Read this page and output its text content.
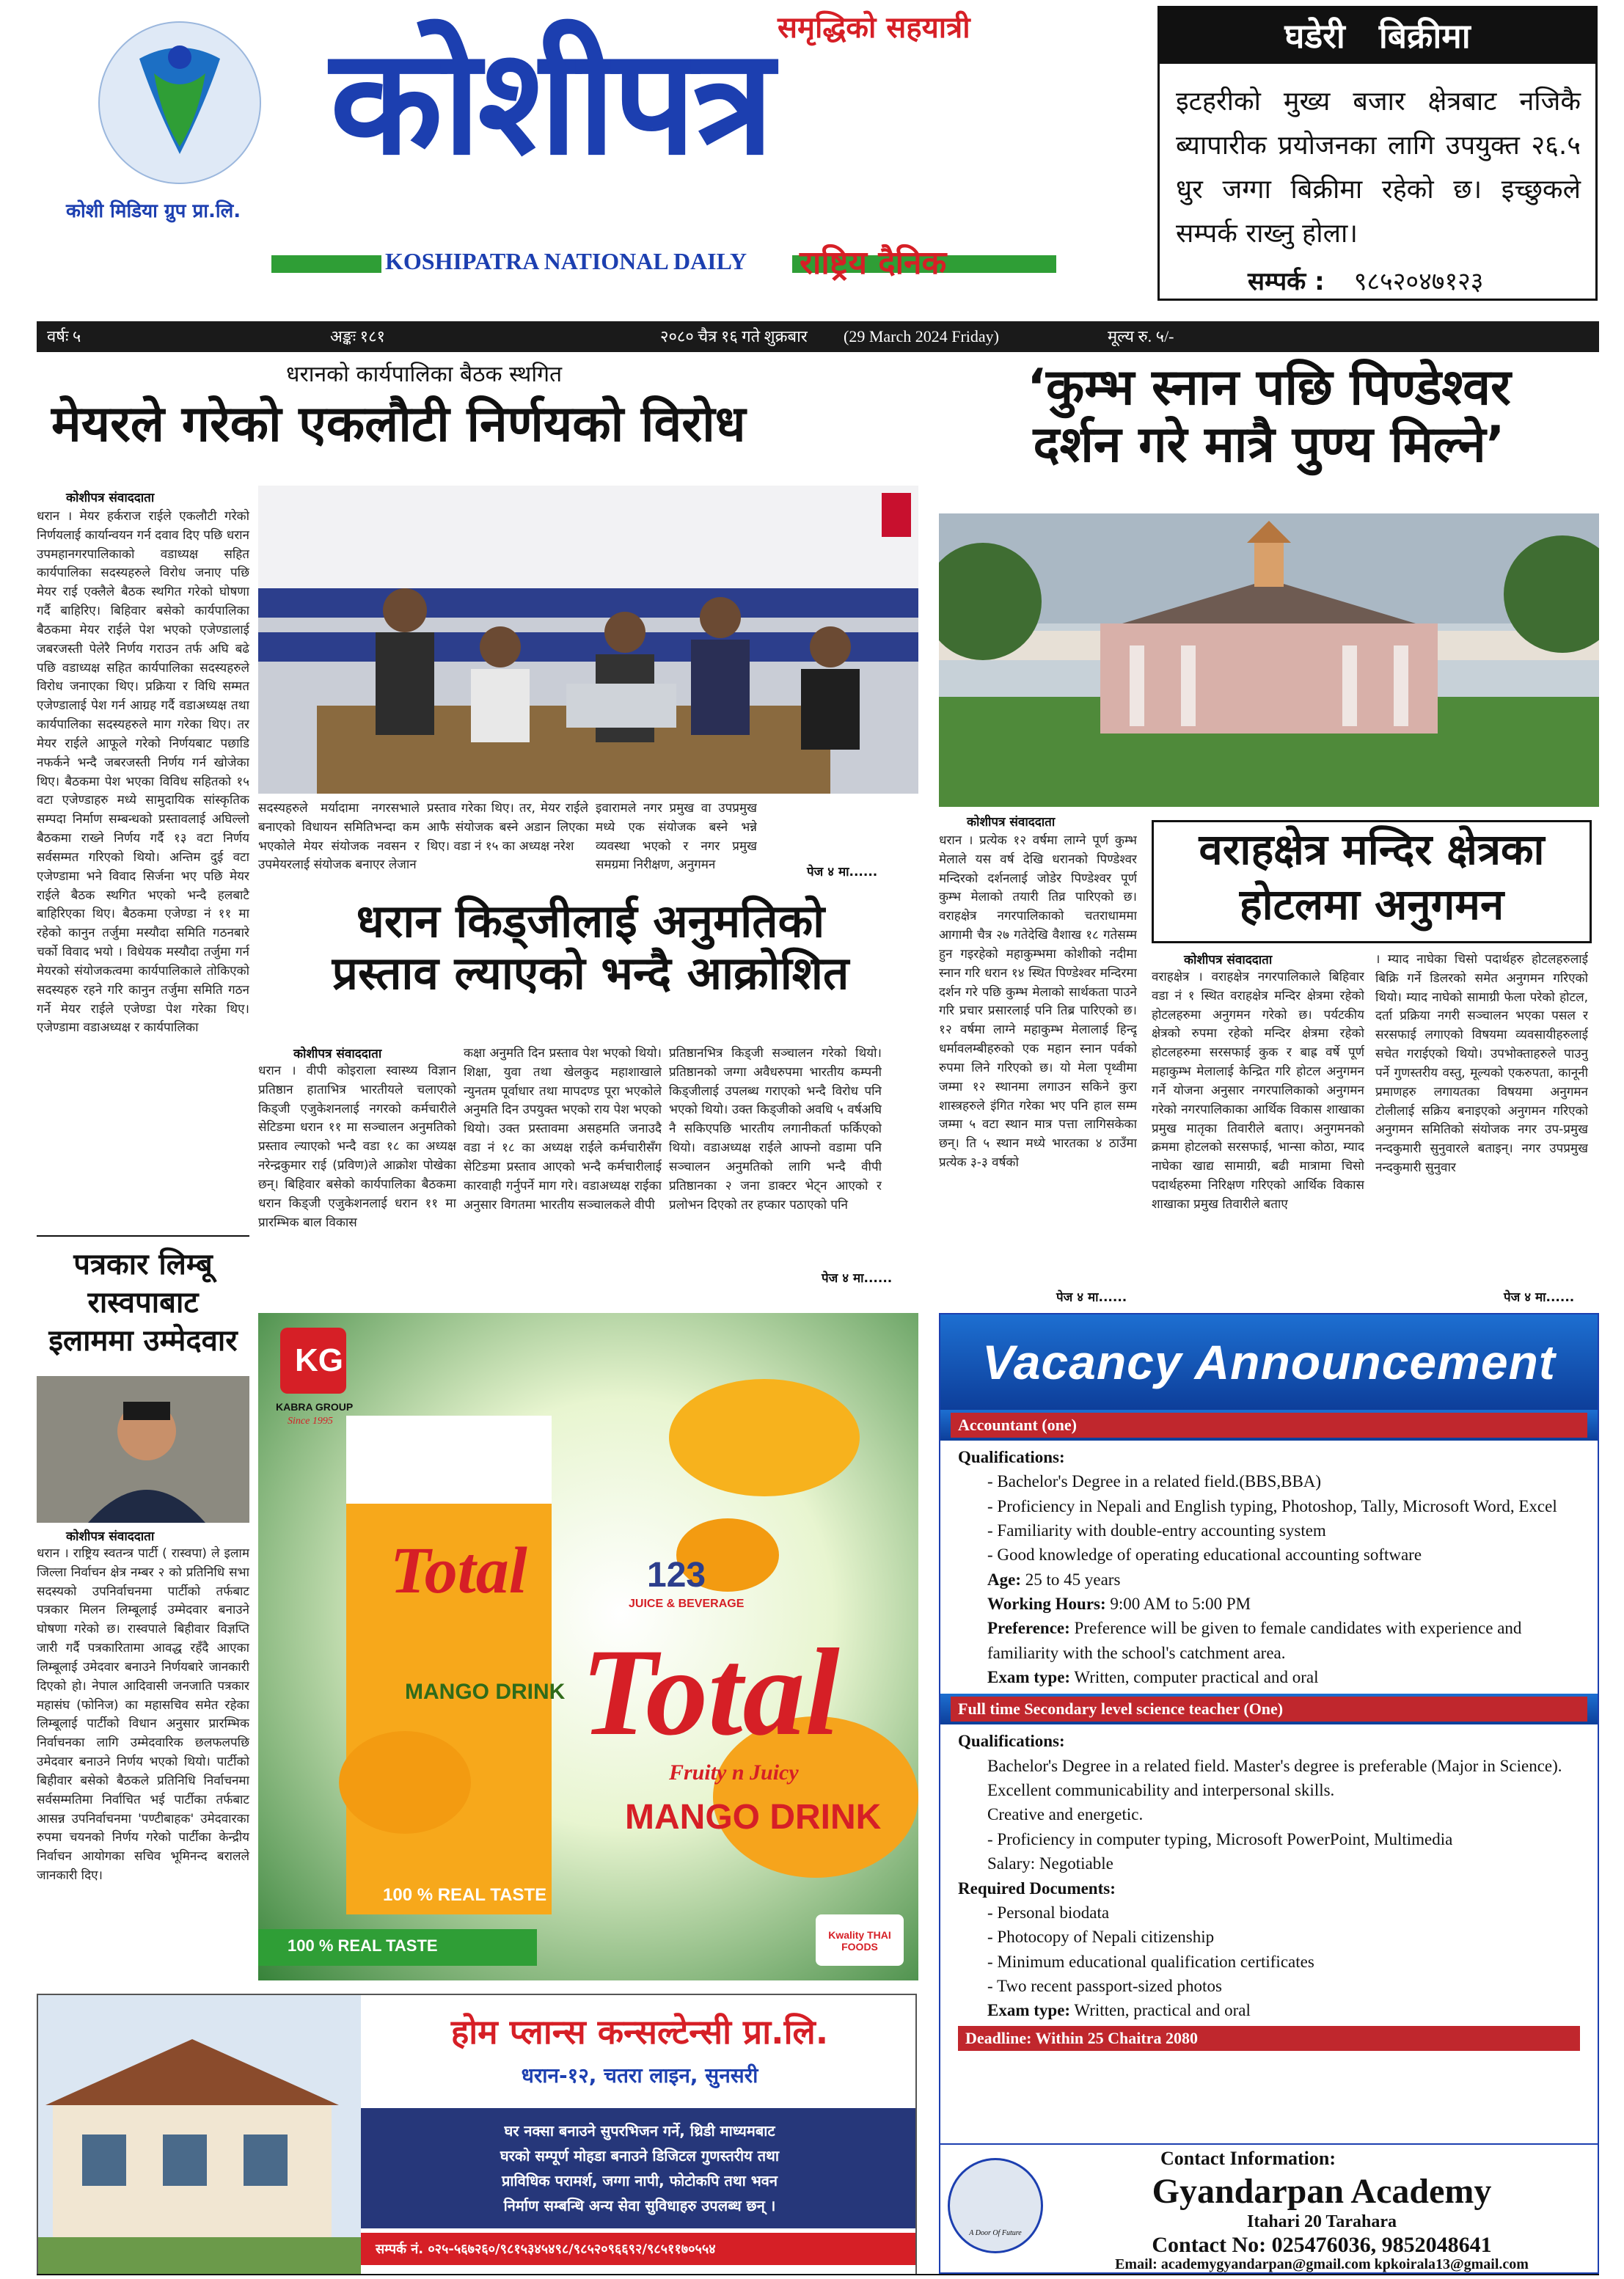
कोशी मिडिया ग्रुप प्रा.लि.
समृद्धिको सहयात्री
कोशीपत्र
KOSHIPATRA NATIONAL DAILY राष्ट्रिय दैनिक
घडेरी बिक्रीमा
इटहरीको मुख्य बजार क्षेत्रबाट नजिकै ब्यापारीक प्रयोजनका लागि उपयुक्त २६.५ धुर जग्गा बिक्रीमा रहेको छ। इच्छुकले सम्पर्क राख्नु होला।
सम्पर्क : ९८५२०४७१२३
वर्षः ५	अङ्कः १८१	२०८० चैत्र १६ गते शुक्रबार (29 March 2024 Friday)	मूल्य रु. ५/-
धरानको कार्यपालिका बैठक स्थगित
मेयरले गरेको एकलौटी निर्णयको विरोध
कोशीपत्र संवाददाता
धरान । मेयर हर्कराज राईले एकलौटी गरेको निर्णयलाई कार्यान्वयन गर्न दवाव दिए पछि धरान उपमहानगरपालिकाको वडाध्यक्ष सहित कार्यपालिका सदस्यहरुले विरोध जनाए पछि मेयर राई एक्लैले बैठक स्थगित गरेको घोषणा गर्दै बाहिरिए। बिहिवार बसेको कार्यपालिका बैठकमा मेयर राईले पेश भएको एजेण्डालाई जबरजस्ती पेलेरै निर्णय गराउन तर्फ अघि बढे पछि वडाध्यक्ष सहित कार्यपालिका सदस्यहरुले विरोध जनाएका थिए। प्रक्रिया र विधि सम्मत एजेण्डालाई पेश गर्न आग्रह गर्दै वडाअध्यक्ष तथा कार्यपालिका सदस्यहरुले माग गरेका थिए। तर मेयर राईले आफूले गरेको निर्णयबाट पछाडि नफर्कने भन्दै जबरजस्ती निर्णय गर्न खोजेका थिए। बैठकमा पेश भएका विविध सहितको १५ वटा एजेण्डाहरु मध्ये सामुदायिक सांस्कृतिक सम्पदा निर्माण सम्बन्धको प्रस्तावलाई अघिल्लो बैठकमा राख्ने निर्णय गर्दै १३ वटा निर्णय सर्वसम्मत गरिएको थियो। अन्तिम दुई वटा एजेण्डामा भने विवाद सिर्जना भए पछि मेयर राईले बैठक स्थगित भएको भन्दै हलबाटै बाहिरिएका थिए। बैठकमा एजेण्डा नं ११ मा रहेको कानुन तर्जुमा मस्यौदा समिति गठनबारे चर्को विवाद भयो । विधेयक मस्यौदा तर्जुमा गर्न मेयरको संयोजकत्वमा कार्यपालिकाले तोकिएको सदस्यहरु रहने गरि कानुन तर्जुमा समिति गठन गर्ने मेयर राईले एजेण्डा पेश गरेका थिए। एजेण्डामा वडाअध्यक्ष र कार्यपालिका
सदस्यहरुले मर्यादामा नगरसभाले बनाएको विधायन समितिभन्दा कम भएकोले मेयर संयोजक नवसन र उपमेयरलाई संयोजक बनाएर लेजान
प्रस्ताव गरेका थिए। तर, मेयर राईले आफै संयोजक बस्ने अडान लिएका थिए। वडा नं १५ का अध्यक्ष नरेश
इवारामले नगर प्रमुख वा उपप्रमुख मध्ये एक संयोजक बस्ने भन्ने व्यवस्था भएको र नगर प्रमुख समग्रमा निरीक्षण, अनुगमन	पेज ४ मा......
धरान किड्जीलाई अनुमतिको
प्रस्ताव ल्याएको भन्दै आक्रोशित
कोशीपत्र संवाददाता
धरान । वीपी कोइराला स्वास्थ्य विज्ञान प्रतिष्ठान हाताभित्र भारतीयले चलाएको किड्जी एजुकेशनलाई नगरको कर्मचारीले सेटिङमा धरान ११ मा सञ्चालन अनुमतिको प्रस्ताव ल्याएको भन्दै वडा १८ का अध्यक्ष नरेन्द्रकुमार राई (प्रविण)ले आक्रोश पोखेका छन्। बिहिवार बसेको कार्यपालिका बैठकमा धरान किड्जी एजुकेशनलाई धरान ११ मा प्रारम्भिक बाल विकास
कक्षा अनुमति दिन प्रस्ताव पेश भएको थियो। शिक्षा, युवा तथा खेलकुद महाशाखाले न्युनतम पूर्वाधार तथा मापदण्ड पूरा भएकोले अनुमति दिन उपयुक्त भएको राय पेश भएको थियो। उक्त प्रस्तावमा असहमति जनाउदै वडा नं १८ का अध्यक्ष राईले कर्मचारीसँग सेटिङमा प्रस्ताव आएको भन्दै कर्मचारीलाई कारवाही गर्नुपर्ने माग गरे। वडाअध्यक्ष राईका अनुसार विगतमा भारतीय सञ्चालकले वीपी
प्रतिष्ठानभित्र किड्जी सञ्चालन गरेको थियो। प्रतिष्ठानको जग्गा अवैधरुपमा भारतीय कम्पनी किड्जीलाई उपलब्ध गराएको भन्दै विरोध पनि भएको थियो। उक्त किड्जीको अवधि ५ वर्षअघि नै सकिएपछि भारतीय लगानीकर्ता फर्किएको थियो। वडाअध्यक्ष राईले आफ्नो वडामा पनि सञ्चालन अनुमतिको लागि भन्दै वीपी प्रतिष्ठानका २ जना डाक्टर भेट्न आएको र प्रलोभन दिएको तर हप्कार पठाएको पनि
पेज ४ मा......
‘कुम्भ स्नान पछि पिण्डेश्वर
दर्शन गरे मात्रै पुण्य मिल्ने’
कोशीपत्र संवाददाता
धरान । प्रत्येक १२ वर्षमा लाग्ने पूर्ण कुम्भ मेलाले यस वर्ष देखि धरानको पिण्डेश्वर मन्दिरको दर्शनलाई जोडेर पिण्डेश्वर पूर्ण कुम्भ मेलाको तयारी तिव्र पारिएको छ। वराहक्षेत्र नगरपालिकाको चतराधाममा आगामी चैत्र २७ गतेदेखि वैशाख १८ गतेसम्म हुन गइरहेको महाकुम्भमा कोशीको नदीमा स्नान गरि धरान १४ स्थित पिण्डेश्वर मन्दिरमा दर्शन गरे पछि कुम्भ मेलाको सार्थकता पाउने गरि प्रचार प्रसारलाई पनि तिब्र पारिएको छ। १२ वर्षमा लाग्ने महाकुम्भ मेलालाई हिन्दू धर्मावलम्बीहरुको एक महान स्नान पर्वको रुपमा लिने गरिएको छ। यो मेला पृथ्वीमा जम्मा १२ स्थानमा लगाउन सकिने कुरा शास्त्रहरुले इंगित गरेका भए पनि हाल सम्म जम्मा ५ वटा स्थान मात्र पत्ता लागिसकेका छन्। ति ५ स्थान मध्ये भारतका ४ ठाउँमा प्रत्येक ३-३ वर्षको
पेज ४ मा......
वराहक्षेत्र मन्दिर क्षेत्रका
होटलमा अनुगमन
कोशीपत्र संवाददाता
वराहक्षेत्र । वराहक्षेत्र नगरपालिकाले बिहिवार वडा नं १ स्थित वराहक्षेत्र मन्दिर क्षेत्रमा रहेको होटलहरुमा अनुगमन गरेको छ। पर्यटकीय क्षेत्रको रुपमा रहेको मन्दिर क्षेत्रमा रहेको होटलहरुमा सरसफाई कुक र बाह्र वर्षे पूर्ण महाकुम्भ मेलालाई केन्द्रित गरि होटल अनुगमन गर्ने योजना अनुसार नगरपालिकाको अनुगमन गरेको नगरपालिकाका आर्थिक विकास शाखाका प्रमुख मातृका तिवारीले बताए। अनुगमनको क्रममा होटलको सरसफाई, भान्सा कोठा, म्याद नाघेका खाद्य सामाग्री, बढी मात्रामा चिसो पदार्थहरुमा निरिक्षण गरिएको आर्थिक विकास शाखाका प्रमुख तिवारीले बताए
। म्याद नाघेका चिसो पदार्थहरु होटलहरुलाई बिक्रि गर्ने डिलरको समेत अनुगमन गरिएको थियो। म्याद नाघेको सामाग्री फेला परेको होटल, दर्ता प्रक्रिया नगरी सञ्चालन भएका पसल र सरसफाई लगाएको विषयमा व्यवसायीहरुलाई सचेत गराईएको थियो। उपभोक्ताहरुले पाउनु पर्ने गुणस्तरीय वस्तु, मूल्यको एकरुपता, कानूनी प्रमाणहरु लगायतका विषयमा अनुगमन टोलीलाई सक्रिय बनाइएको अनुगमन गरिएको अनुगमन समितिको संयोजक नगर उप-प्रमुख नन्दकुमारी सुनुवारले बताइन्। नगर उपप्रमुख नन्दकुमारी सुनुवार
पेज ४ मा......
पत्रकार लिम्बू
रास्वपाबाट
इलाममा उम्मेदवार
कोशीपत्र संवाददाता
धरान । राष्ट्रिय स्वतन्त्र पार्टी ( रास्वपा) ले इलाम जिल्ला निर्वाचन क्षेत्र नम्बर २ को प्रतिनिधि सभा सदस्यको उपनिर्वाचनमा पार्टीको तर्फबाट पत्रकार मिलन लिम्बूलाई उम्मेदवार बनाउने घोषणा गरेको छ। रास्वपाले बिहीवार विज्ञप्ति जारी गर्दै पत्रकारितामा आवद्ध रहँदै आएका लिम्बूलाई उमेदवार बनाउने निर्णयबारे जानकारी दिएको हो। नेपाल आदिवासी जनजाति पत्रकार महासंघ (फोनिज) का महासचिव समेत रहेका लिम्बूलाई पार्टीको विधान अनुसार प्रारम्भिक निर्वाचनका लागि उम्मेदवारिक छलफलपछि उमेदवार बनाउने निर्णय भएको थियो। पार्टीको बिहीवार बसेको बैठकले प्रतिनिधि निर्वाचनमा सर्वसम्मतिमा निर्वाचित भई पार्टीका तर्फबाट आसन्न उपनिर्वाचनमा 'पण्टीबाहक' उमेदवारका रुपमा चयनको निर्णय गरेको पार्टीका केन्द्रीय निर्वाचन आयोगका सचिव भूमिनन्द बरालले जानकारी दिए।
KG
KABRA GROUP
Since 1995
123
JUICE & BEVERAGE
Total
MANGO DRINK Total
Fruity n Juicy
MANGO DRINK
100 % REAL TASTE
100 % REAL TASTE
Kwality THAI FOODS
होम प्लान्स कन्सल्टेन्सी प्रा.लि.
धरान-१२, चतरा लाइन, सुनसरी
घर नक्सा बनाउने सुपरभिजन गर्ने, थ्रिडी माध्यमबाट
घरको सम्पूर्ण मोहडा बनाउने डिजिटल गुणस्तरीय तथा
प्राविधिक परामर्श, जग्गा नापी, फोटोकपि तथा भवन
निर्माण सम्बन्धि अन्य सेवा सुविधाहरु उपलब्ध छन् ।
सम्पर्क नं. ०२५-५६७२६०/९८१५३४५४९८/९८५२०९६६९२/९८५११७०५५४
Vacancy Announcement
Accountant (one)
Qualifications:
- Bachelor's Degree in a related field.(BBS,BBA)
- Proficiency in Nepali and English typing, Photoshop, Tally, Microsoft Word, Excel
- Familiarity with double-entry accounting system
- Good knowledge of operating educational accounting software
Age: 25 to 45 years
Working Hours: 9:00 AM to 5:00 PM
Preference: Preference will be given to female candidates with experience and familiarity with the school's catchment area.
Exam type: Written, computer practical and oral
Full time Secondary level science teacher (One)
Qualifications:
Bachelor's Degree in a related field. Master's degree is preferable (Major in Science).
Excellent communicability and interpersonal skills.
Creative and energetic.
- Proficiency in computer typing, Microsoft PowerPoint, Multimedia
Salary: Negotiable
Required Documents:
- Personal biodata
- Photocopy of Nepali citizenship
- Minimum educational qualification certificates
- Two recent passport-sized photos
Exam type: Written, practical and oral
Deadline: Within 25 Chaitra 2080
A Door Of Future
Contact Information:
Gyandarpan Academy
Itahari 20 Tarahara
Contact No: 025476036, 9852048641
Email: academygyandarpan@gmail.com kpkoirala13@gmail.com
